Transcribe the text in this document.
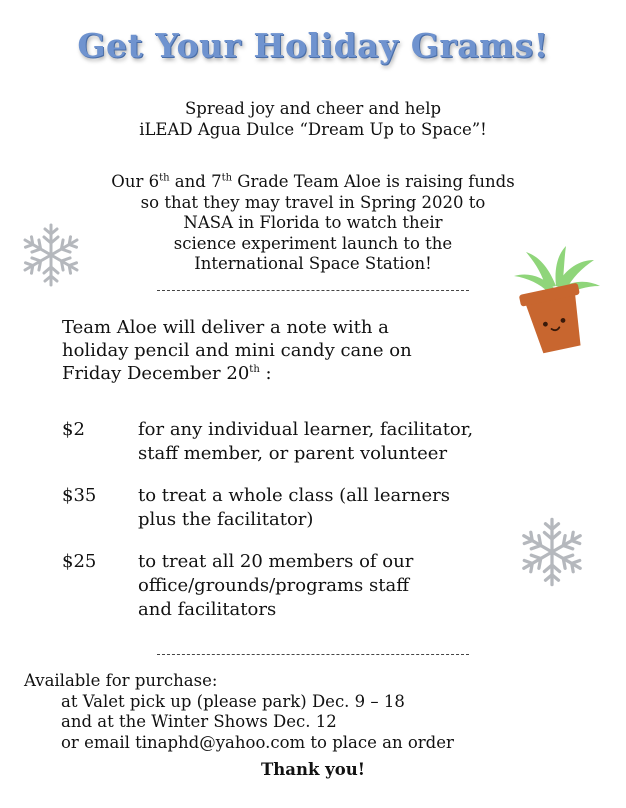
Get Your Holiday Grams!
Spread joy and cheer and help
iLEAD Agua Dulce “Dream Up to Space”!
Our 6th and 7th Grade Team Aloe is raising funds
so that they may travel in Spring 2020 to
NASA in Florida to watch their
science experiment launch to the
International Space Station!
Team Aloe will deliver a note with a
holiday pencil and mini candy cane on
Friday December 20th :
$2	for any individual learner, facilitator,
staff member, or parent volunteer
$35 to treat a whole class (all learners
plus the facilitator)
$25 to treat all 20 members of our
office/grounds/programs staff
and facilitators
Available for purchase:
at Valet pick up (please park) Dec. 9 – 18
and at the Winter Shows Dec. 12
or email tinaphd@yahoo.com to place an order
Thank you!
